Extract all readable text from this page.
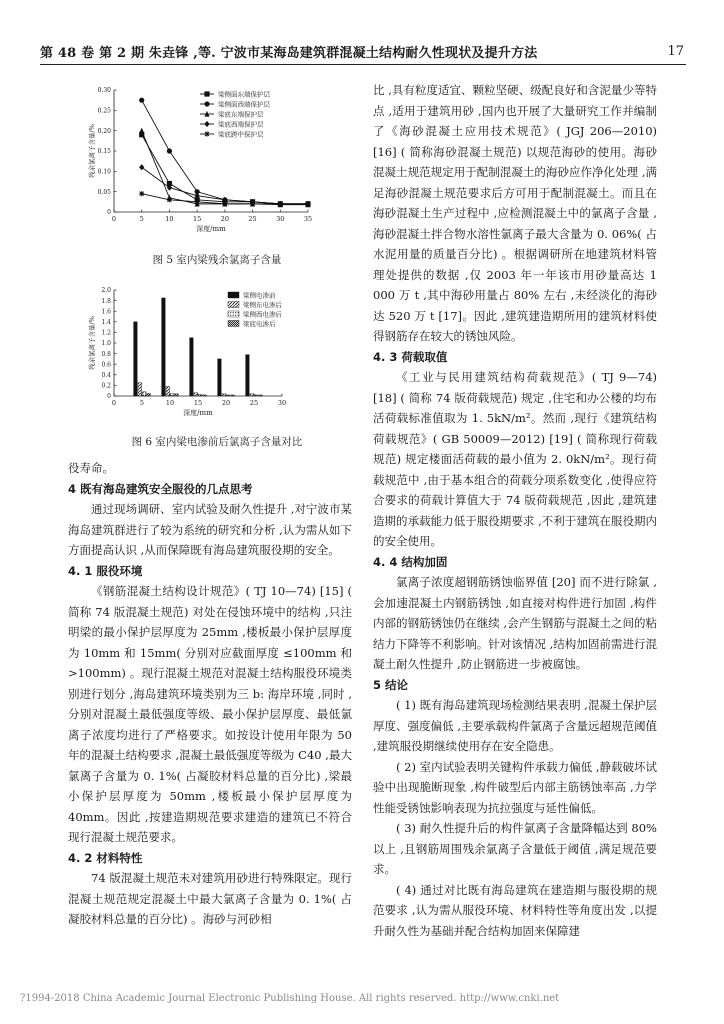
第 48 卷 第 2 期 朱垚锋 ,等. 宁波市某海岛建筑群混凝土结构耐久性现状及提升方法	17
0	5	10	15	20	25	30	35
0
0.05
0.10
0.15
0.20
0.25
0.30
深度/mm
残余氯离子含量/%
梁侧面东端保护层
梁侧面西端保护层
梁底东端保护层
梁底西端保护层
梁底跨中保护层
图 5 室内梁残余氯离子含量
0	5	10	15	20	25	30
0
0.2
0.4
0.6
0.8
1.0
1.2
1.4
1.6
1.8
2.0
深度/mm
残余氯离子含量/%
梁侧电渗前
梁侧东电渗后
梁侧西电渗后
梁底电渗后
图 6 室内梁电渗前后氯离子含量对比

役寿命。

4 既有海岛建筑安全服役的几点思考

通过现场调研、室内试验及耐久性提升 ,对宁波市某海岛建筑群进行了较为系统的研究和分析 ,认为需从如下方面提高认识 ,从而保障既有海岛建筑服役期的安全。

4. 1 服役环境

《钢筋混凝土结构设计规范》( TJ 10—74) [15] ( 简称 74 版混凝土规范) 对处在侵蚀环境中的结构 ,只注明梁的最小保护层厚度为 25mm ,楼板最小保护层厚度为 10mm 和 15mm( 分别对应截面厚度 ≤100mm 和 >100mm) 。现行混凝土规范对混凝土结构服役环境类别进行划分 ,海岛建筑环境类别为三 b: 海岸环境 ,同时 ,分别对混凝土最低强度等级、最小保护层厚度、最低氯离子浓度均进行了严格要求。如按设计使用年限为 50 年的混凝土结构要求 ,混凝土最低强度等级为 C40 ,最大氯离子含量为 0. 1%( 占凝胶材料总量的百分比) ,梁最小保护层厚度为 50mm ,楼板最小保护层厚度为 40mm。因此 ,按建造期规范要求建造的建筑已不符合现行混凝土规范要求。

4. 2 材料特性

74 版混凝土规范未对建筑用砂进行特殊限定。现行混凝土规范规定混凝土中最大氯离子含量为 0. 1%( 占凝胶材料总量的百分比) 。海砂与河砂相

比 ,具有粒度适宜、颗粒坚硬、级配良好和含泥量少等特点 ,适用于建筑用砂 ,国内也开展了大量研究工作并编制了《海砂混凝土应用技术规范》( JGJ 206—2010) [16] ( 简称海砂混凝土规范) 以规范海砂的使用。海砂混凝土规范规定用于配制混凝土的海砂应作净化处理 ,满足海砂混凝土规范要求后方可用于配制混凝土。而且在海砂混凝土生产过程中 ,应检测混凝土中的氯离子含量 ,海砂混凝土拌合物水溶性氯离子最大含量为 0. 06%( 占水泥用量的质量百分比) 。根据调研所在地建筑材料管理处提供的数据 ,仅 2003 年一年该市用砂量高达 1 000 万 t ,其中海砂用量占 80% 左右 ,未经淡化的海砂达 520 万 t [17]。因此 ,建筑建造期所用的建筑材料使得钢筋存在较大的锈蚀风险。

4. 3 荷载取值

《工业与民用建筑结构荷载规范》( TJ 9—74) [18] ( 简称 74 版荷载规范) 规定 ,住宅和办公楼的均布活荷载标准值取为 1. 5kN/m²。然而 ,现行《建筑结构荷载规范》( GB 50009—2012) [19] ( 简称现行荷载规范) 规定楼面活荷载的最小值为 2. 0kN/m²。现行荷载规范中 ,由于基本组合的荷载分项系数变化 ,使得应符合要求的荷载计算值大于 74 版荷载规范 ,因此 ,建筑建造期的承载能力低于服役期要求 ,不利于建筑在服役期内的安全使用。

4. 4 结构加固

氯离子浓度超钢筋锈蚀临界值 [20] 而不进行除氯 ,会加速混凝土内钢筋锈蚀 ,如直接对构件进行加固 ,构件内部的钢筋锈蚀仍在继续 ,会产生钢筋与混凝土之间的粘结力下降等不利影响。针对该情况 ,结构加固前需进行混凝土耐久性提升 ,防止钢筋进一步被腐蚀。

5 结论

( 1) 既有海岛建筑现场检测结果表明 ,混凝土保护层厚度、强度偏低 ,主要承载构件氯离子含量远超规范阈值 ,建筑服役期继续使用存在安全隐患。

( 2) 室内试验表明关键构件承载力偏低 ,静载破坏试验中出现脆断现象 ,构件破型后内部主筋锈蚀率高 ,力学性能受锈蚀影响表现为抗拉强度与延性偏低。

( 3) 耐久性提升后的构件氯离子含量降幅达到 80% 以上 ,且钢筋周围残余氯离子含量低于阈值 ,满足规范要求。

( 4) 通过对比既有海岛建筑在建造期与服役期的规范要求 ,认为需从服役环境、材料特性等角度出发 ,以提升耐久性为基础并配合结构加固来保障建

?1994-2018 China Academic Journal Electronic Publishing House. All rights reserved. http://www.cnki.net
